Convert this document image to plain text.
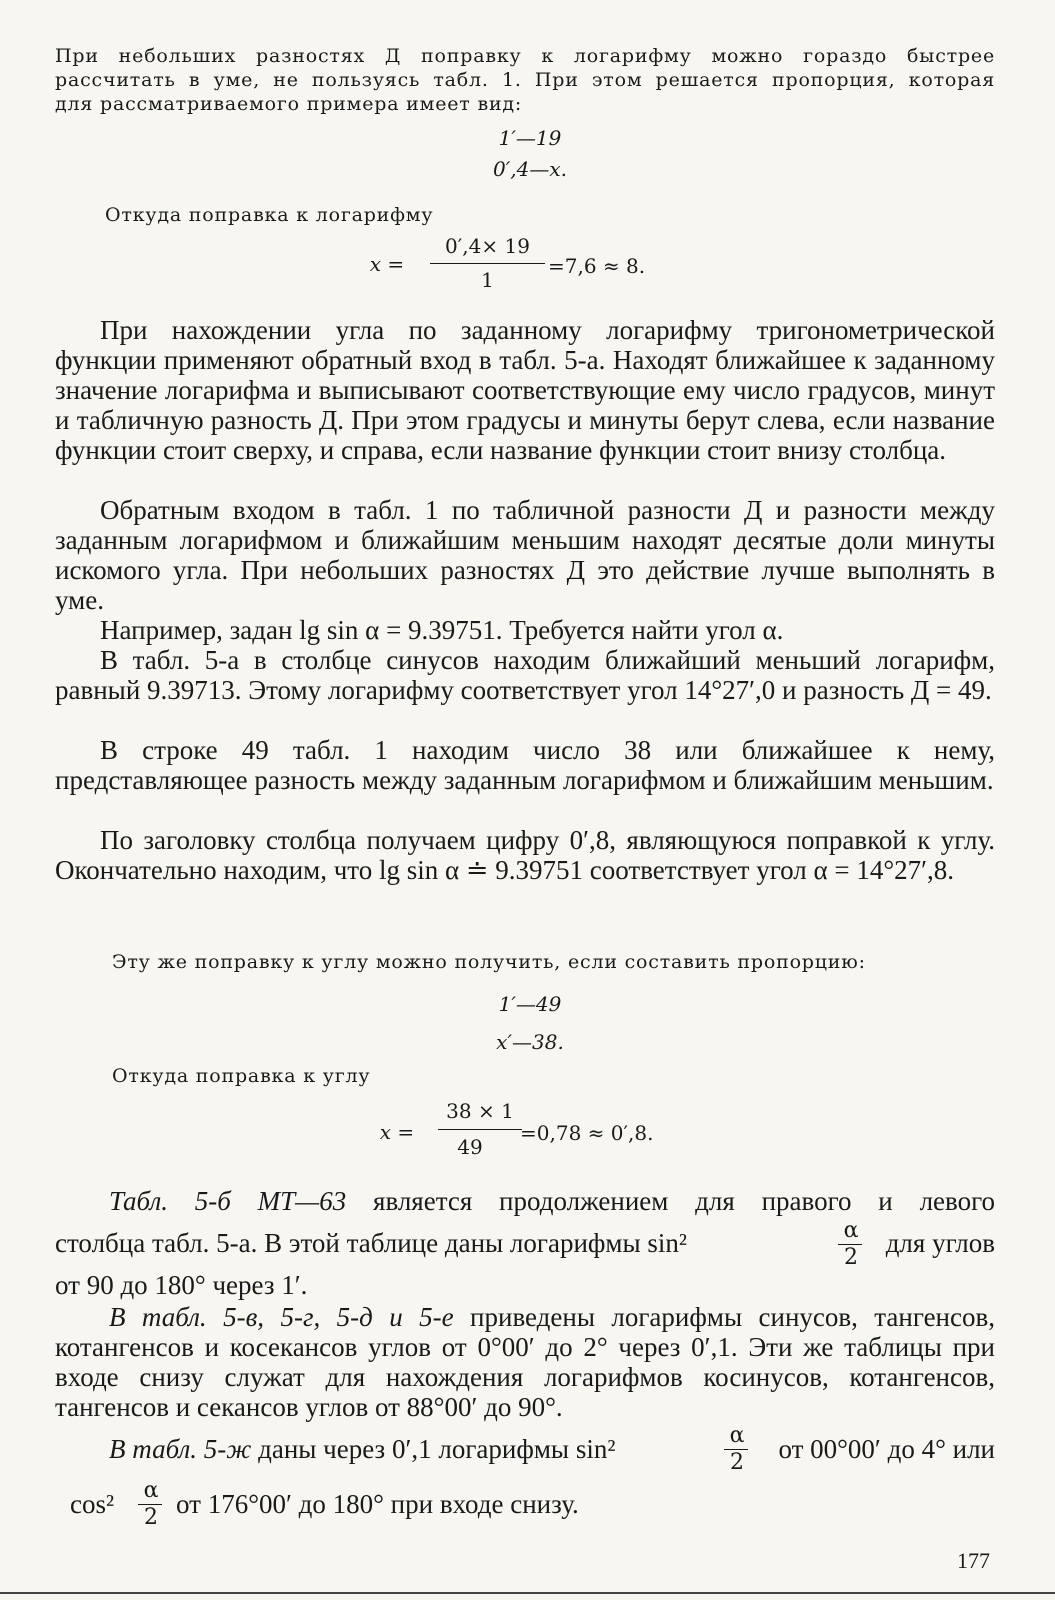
При небольших разностях Д поправку к логарифму можно гораздо быстрее
рассчитать в уме, не пользуясь табл. 1. При этом решается пропорция, которая
для рассматриваемого примера имеет вид:
1′—19
0′,4—x.
Откуда поправка к логарифму
x =
0′,4× 19
1
=7,6 ≈ 8.
При нахождении угла по заданному логарифму тригонометрической функции применяют обратный вход в табл. 5-а. Находят ближайшее к заданному значение логарифма и выписывают соответствующие ему число градусов, минут и табличную разность Д. При этом градусы и минуты берут слева, если название функции стоит сверху, и справа, если название функции стоит внизу столбца.
Обратным входом в табл. 1 по табличной разности Д и разности между заданным логарифмом и ближайшим меньшим находят десятые доли минуты искомого угла. При небольших разностях Д это действие лучше выполнять в уме.
Например, задан lg sin α = 9.39751. Требуется найти угол α.
В табл. 5-а в столбце синусов находим ближайший меньший логарифм, равный 9.39713. Этому логарифму соответствует угол 14°27′,0 и разность Д = 49.
В строке 49 табл. 1 находим число 38 или ближайшее к нему, представляющее разность между заданным логарифмом и ближайшим меньшим.
По заголовку столбца получаем цифру 0′,8, являющуюся поправкой к углу. Окончательно находим, что lg sin α ≐ 9.39751 соответствует угол α = 14°27′,8.
Эту же поправку к углу можно получить, если составить пропорцию:
1′—49
x′—38.
Откуда поправка к углу
x =
38 × 1
49
=0,78 ≈ 0′,8.
Табл. 5-б МТ—63 является продолжением для правого и левого
столбца табл. 5-а. В этой таблице даны логарифмы sin²	α
2	для углов
от 90 до 180° через 1′.
В табл. 5-в, 5-г, 5-д и 5-е приведены логарифмы синусов, тангенсов, котангенсов и косекансов углов от 0°00′ до 2° через 0′,1. Эти же таблицы при входе снизу служат для нахождения логарифмов косинусов, котангенсов, тангенсов и секансов углов от 88°00′ до 90°.
В табл. 5-ж даны через 0′,1 логарифмы sin²	α
2	от 00°00′ до 4° или
cos²	α
2 от 176°00′ до 180° при входе снизу.
177
